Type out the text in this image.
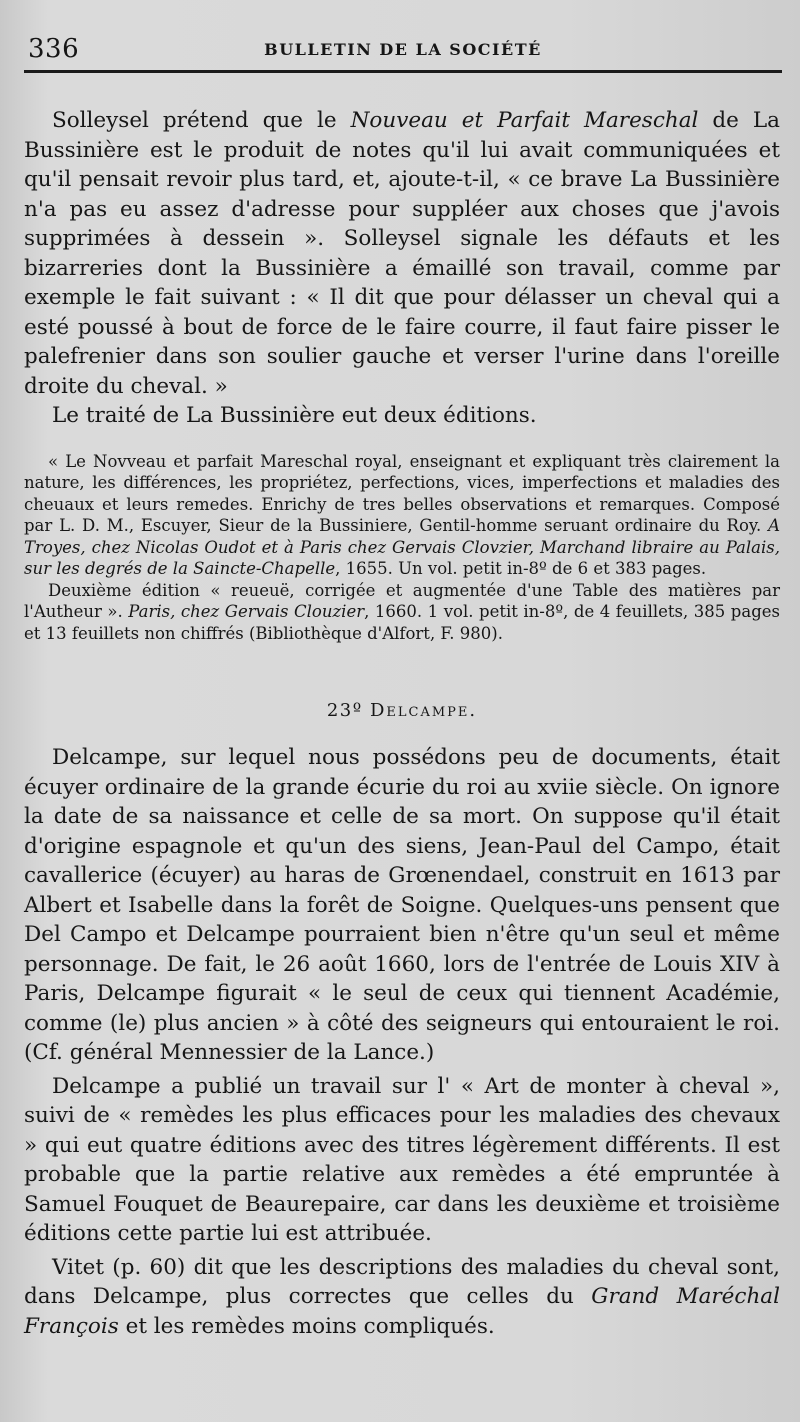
336	BULLETIN DE LA SOCIÉTÉ

Solleysel prétend que le Nouveau et Parfait Mareschal de La Bussinière est le produit de notes qu'il lui avait communiquées et qu'il pensait revoir plus tard, et, ajoute-t-il, « ce brave La Bussinière n'a pas eu assez d'adresse pour suppléer aux choses que j'avois supprimées à dessein ». Solleysel signale les défauts et les bizarreries dont la Bussinière a émaillé son travail, comme par exemple le fait suivant : « Il dit que pour délasser un cheval qui a esté poussé à bout de force de le faire courre, il faut faire pisser le palefrenier dans son soulier gauche et verser l'urine dans l'oreille droite du cheval. »

Le traité de La Bussinière eut deux éditions.

« Le Novveau et parfait Mareschal royal, enseignant et expliquant très clairement la nature, les différences, les propriétez, perfections, vices, imperfections et maladies des cheuaux et leurs remedes. Enrichy de tres belles observations et remarques. Composé par L. D. M., Escuyer, Sieur de la Bussiniere, Gentil-homme seruant ordinaire du Roy. A Troyes, chez Nicolas Oudot et à Paris chez Gervais Clovzier, Marchand libraire au Palais, sur les degrés de la Saincte-Chapelle, 1655. Un vol. petit in-8º de 6 et 383 pages.

Deuxième édition « reueuë, corrigée et augmentée d'une Table des matières par l'Autheur ». Paris, chez Gervais Clouzier, 1660. 1 vol. petit in-8º, de 4 feuillets, 385 pages et 13 feuillets non chiffrés (Bibliothèque d'Alfort, F. 980).

23º Delcampe.

Delcampe, sur lequel nous possédons peu de documents, était écuyer ordinaire de la grande écurie du roi au xviie siècle. On ignore la date de sa naissance et celle de sa mort. On suppose qu'il était d'origine espagnole et qu'un des siens, Jean-Paul del Campo, était cavallerice (écuyer) au haras de Grœnendael, construit en 1613 par Albert et Isabelle dans la forêt de Soigne. Quelques-uns pensent que Del Campo et Delcampe pourraient bien n'être qu'un seul et même personnage. De fait, le 26 août 1660, lors de l'entrée de Louis XIV à Paris, Delcampe figurait « le seul de ceux qui tiennent Académie, comme (le) plus ancien » à côté des seigneurs qui entouraient le roi. (Cf. général Mennessier de la Lance.)

Delcampe a publié un travail sur l' « Art de monter à cheval », suivi de « remèdes les plus efficaces pour les maladies des chevaux » qui eut quatre éditions avec des titres légèrement différents. Il est probable que la partie relative aux remèdes a été empruntée à Samuel Fouquet de Beaurepaire, car dans les deuxième et troisième éditions cette partie lui est attribuée.

Vitet (p. 60) dit que les descriptions des maladies du cheval sont, dans Delcampe, plus correctes que celles du Grand Maréchal François et les remèdes moins compliqués.
